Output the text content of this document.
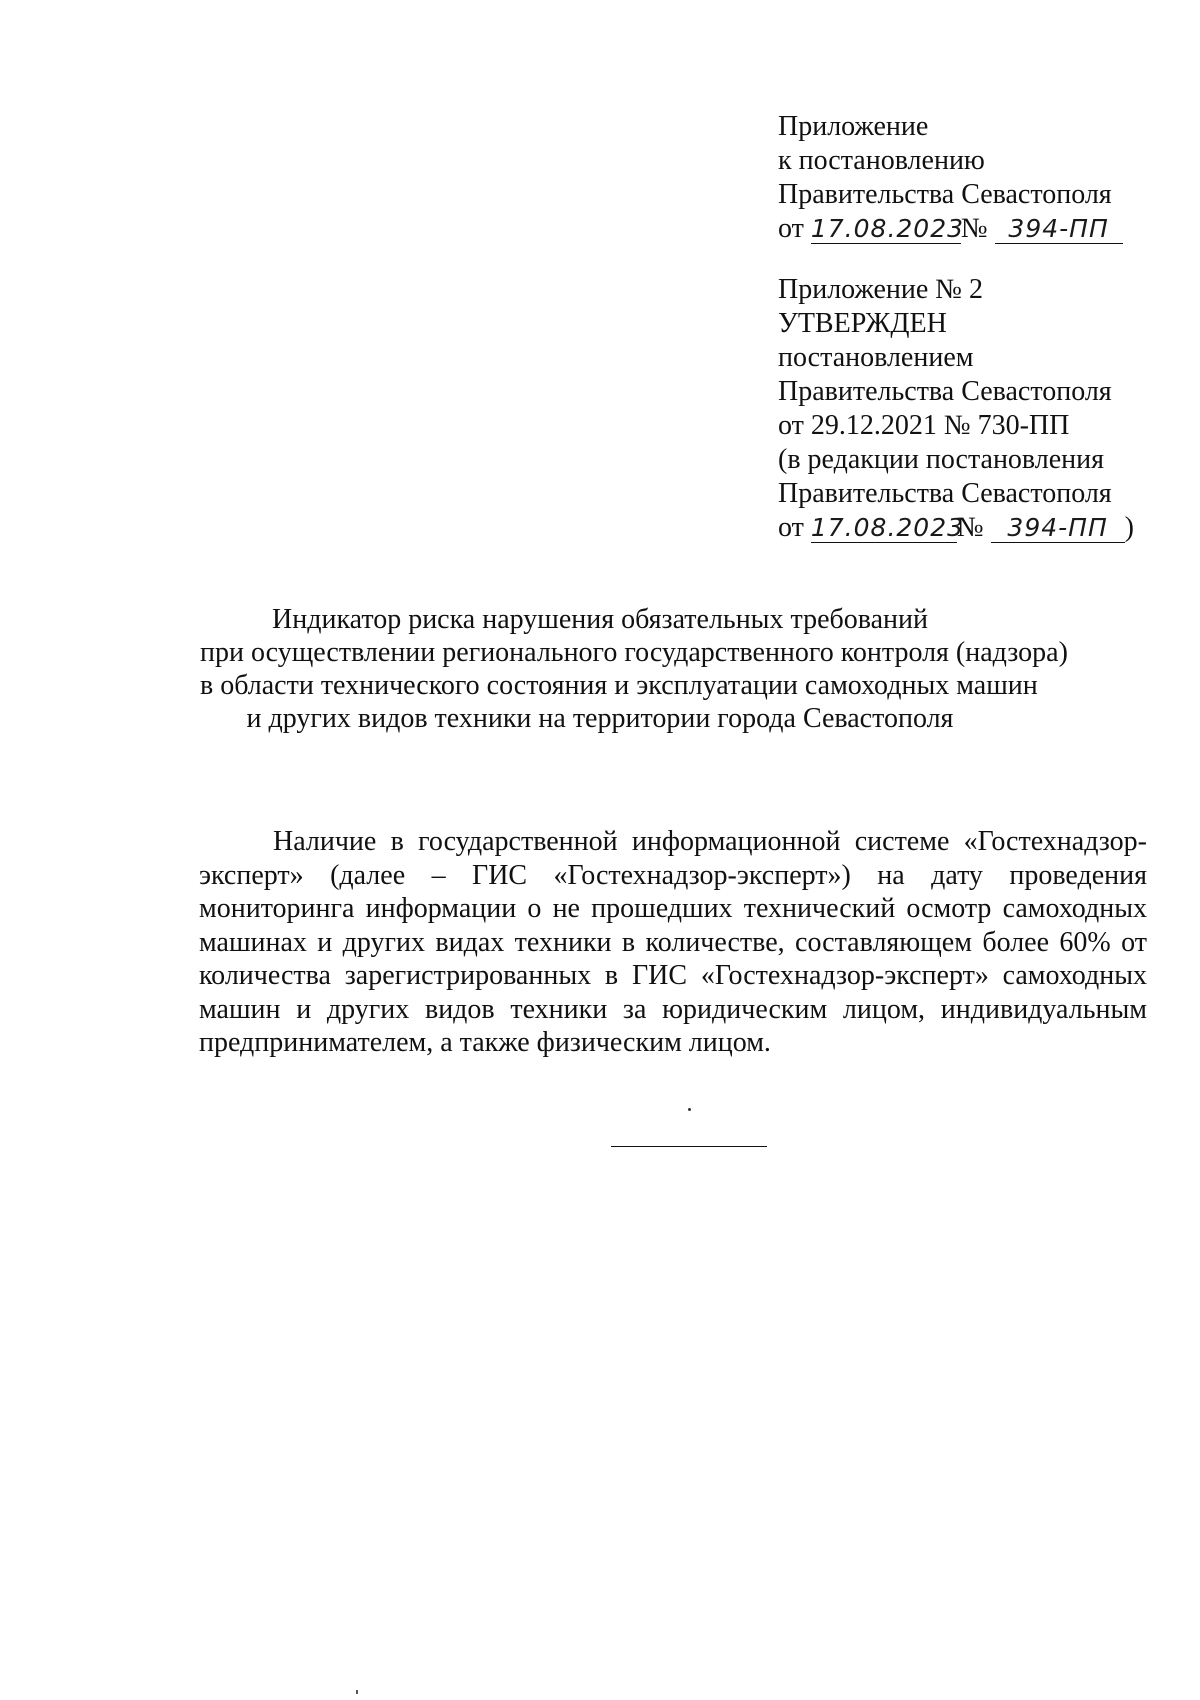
Приложение
к постановлению
Правительства Севастополя
от 17.08.2023№ 394-ПП
Приложение № 2
УТВЕРЖДЕН
постановлением
Правительства Севастополя
от 29.12.2021 № 730-ПП
(в редакции постановления
Правительства Севастополя
от 17.08.2023№ 394-ПП )
Индикатор риска нарушения обязательных требований
при осуществлении регионального государственного контроля (надзора)
в области технического состояния и эксплуатации самоходных машин
и других видов техники на территории города Севастополя

Наличие в государственной информационной системе «Гостехнадзор-эксперт» (далее – ГИС «Гостехнадзор-эксперт») на дату проведения мониторинга информации о не прошедших технический осмотр самоходных машинах и других видах техники в количестве, составляющем более 60% от количества зарегистрированных в ГИС «Гостехнадзор-эксперт» самоходных машин и других видов техники за юридическим лицом, индивидуальным предпринимателем, а также физическим лицом.
